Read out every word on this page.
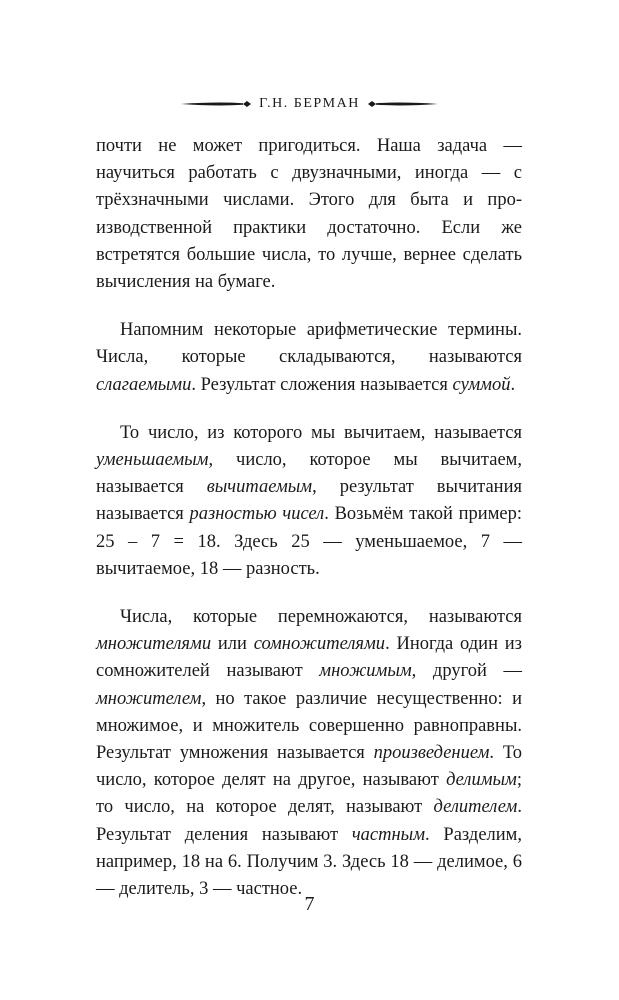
Г.Н. БЕРМАН

почти не может пригодиться. Наша задача — научиться работать с двузначными, иногда — с трёхзначными числами. Этого для быта и производственной практики достаточно. Если же встретятся большие числа, то лучше, вернее сделать вычисления на бумаге.

Напомним некоторые арифметические термины. Числа, которые складываются, называются слагаемыми. Результат сложения называется суммой.

То число, из которого мы вычитаем, называется уменьшаемым, число, которое мы вычитаем, называется вычитаемым, результат вычитания называется разностью чисел. Возьмём такой пример: 25 – 7 = 18. Здесь 25 — уменьшаемое, 7 — вычитаемое, 18 — разность.

Числа, которые перемножаются, называются множителями или сомножителями. Иногда один из сомножителей называют множимым, другой — множителем, но такое различие несущественно: и множимое, и множитель совершенно равноправны. Результат умножения называется произведением. То число, которое делят на другое, называют делимым; то число, на которое делят, называют делителем. Результат деления называют частным. Разделим, например, 18 на 6. Получим 3. Здесь 18 — делимое, 6 — делитель, 3 — частное.

7
